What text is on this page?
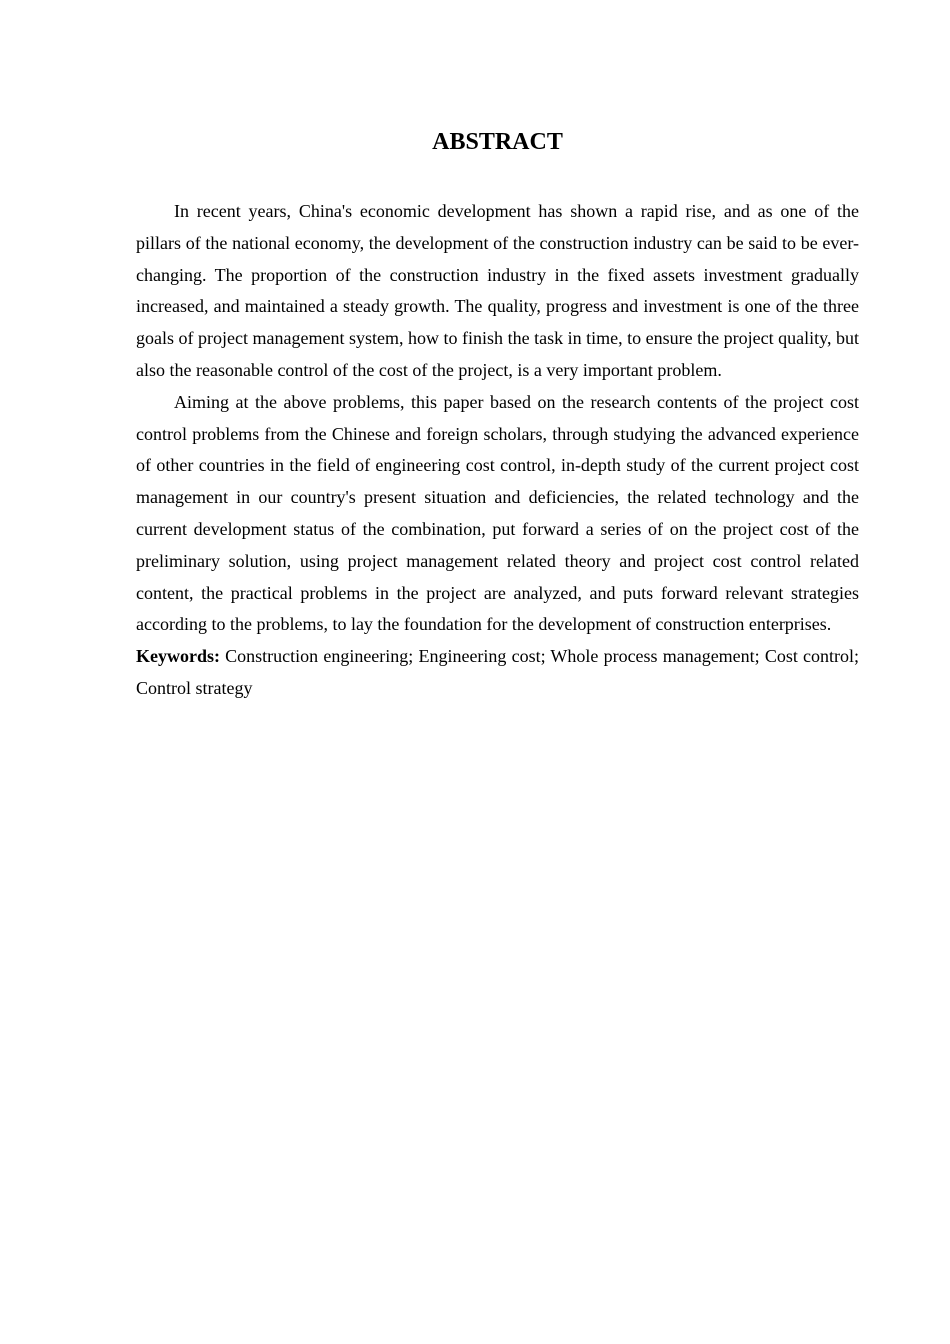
ABSTRACT

In recent years, China's economic development has shown a rapid rise, and as one of the pillars of the national economy, the development of the construction industry can be said to be ever-changing. The proportion of the construction industry in the fixed assets investment gradually increased, and maintained a steady growth. The quality, progress and investment is one of the three goals of project management system, how to finish the task in time, to ensure the project quality, but also the reasonable control of the cost of the project, is a very important problem.

Aiming at the above problems, this paper based on the research contents of the project cost control problems from the Chinese and foreign scholars, through studying the advanced experience of other countries in the field of engineering cost control, in-depth study of the current project cost management in our country's present situation and deficiencies, the related technology and the current development status of the combination, put forward a series of on the project cost of the preliminary solution, using project management related theory and project cost control related content, the practical problems in the project are analyzed, and puts forward relevant strategies according to the problems, to lay the foundation for the development of construction enterprises.

Keywords: Construction engineering; Engineering cost; Whole process management; Cost control; Control strategy
